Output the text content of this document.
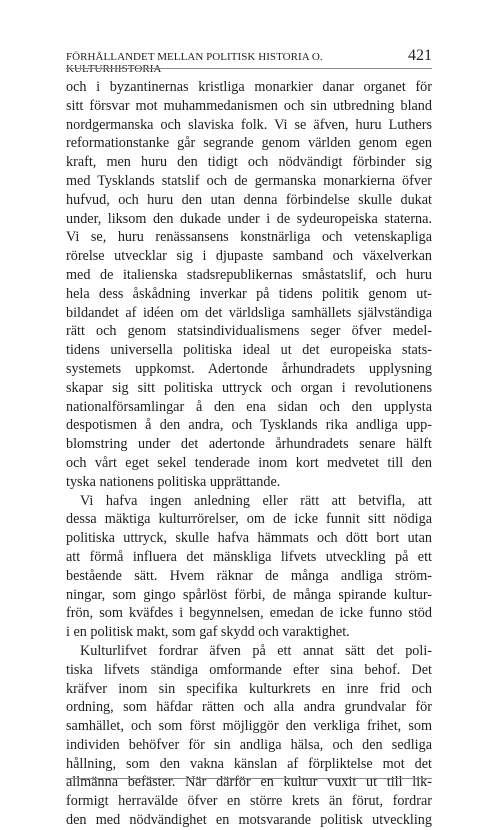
FÖRHÅLLANDET MELLAN POLITISK HISTORIA O. KULTURHISTORIA
421
och i byzantinernas kristliga monarkier danar organet för
sitt försvar mot muhammedanismen och sin utbredning bland
nordgermanska och slaviska folk. Vi se äfven, huru Luthers
reformationstanke går segrande genom världen genom egen
kraft, men huru den tidigt och nödvändigt förbinder sig
med Tysklands statslif och de germanska monarkierna öfver
hufvud, och huru den utan denna förbindelse skulle dukat
under, liksom den dukade under i de sydeuropeiska staterna.
Vi se, huru renässansens konstnärliga och vetenskapliga
rörelse utvecklar sig i djupaste samband och växelverkan
med de italienska stadsrepublikernas småstatslif, och huru
hela dess åskådning inverkar på tidens politik genom ut-
bildandet af idéen om det världsliga samhällets självständiga
rätt och genom statsindividualismens seger öfver medel-
tidens universella politiska ideal ut det europeiska stats-
systemets uppkomst. Adertonde århundradets upplysning
skapar sig sitt politiska uttryck och organ i revolutionens
nationalförsamlingar å den ena sidan och den upplysta
despotismen å den andra, och Tysklands rika andliga upp-
blomstring under det adertonde århundradets senare hälft
och vårt eget sekel tenderade inom kort medvetet till den
tyska nationens politiska upprättande.
Vi hafva ingen anledning eller rätt att betvifla, att
dessa mäktiga kulturrörelser, om de icke funnit sitt nödiga
politiska uttryck, skulle hafva hämmats och dött bort utan
att förmå influera det mänskliga lifvets utveckling på ett
bestående sätt. Hvem räknar de många andliga ström-
ningar, som gingo spårlöst förbi, de många spirande kultur-
frön, som kväfdes i begynnelsen, emedan de icke funno stöd
i en politisk makt, som gaf skydd och varaktighet.
Kulturlifvet fordrar äfven på ett annat sätt det poli-
tiska lifvets ständiga omformande efter sina behof. Det
kräfver inom sin specifika kulturkrets en inre frid och
ordning, som häfdar rätten och alla andra grundvalar för
samhället, och som först möjliggör den verkliga frihet, som
individen behöfver för sin andliga hälsa, och den sedliga
hållning, som den vakna känslan af förpliktelse mot det
allmänna befäster. När därför en kultur vuxit ut till lik-
formigt herravälde öfver en större krets än förut, fordrar
den med nödvändighet en motsvarande politisk utveckling
